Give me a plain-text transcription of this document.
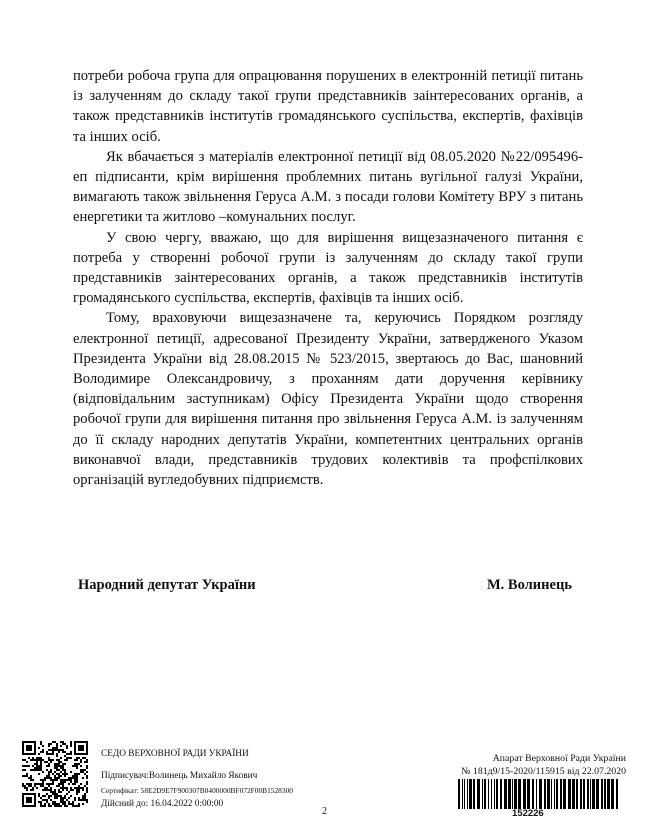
потреби робоча група для опрацювання порушених в електронній петиції питань із залученням до складу такої групи представників заінтересованих органів, а також представників інститутів громадянського суспільства, експертів, фахівців та інших осіб.

Як вбачається з матеріалів електронної петиції від 08.05.2020 №22/095496-еп підписанти, крім вирішення проблемних питань вугільної галузі України, вимагають також звільнення Геруса А.М. з посади голови Комітету ВРУ з питань енергетики та житлово –комунальних послуг.

У свою чергу, вважаю, що для вирішення вищезазначеного питання є потреба у створенні робочої групи із залученням до складу такої групи представників заінтересованих органів, а також представників інститутів громадянського суспільства, експертів, фахівців та інших осіб.

Тому, враховуючи вищезазначене та, керуючись Порядком розгляду електронної петиції, адресованої Президенту України, затвердженого Указом Президента України від 28.08.2015 № 523/2015, звертаюсь до Вас, шановний Володимире Олександровичу, з проханням дати доручення керівнику (відповідальним заступникам) Офісу Президента України щодо створення робочої групи для вирішення питання про звільнення Геруса А.М. із залученням до її складу народних депутатів України, компетентних центральних органів виконавчої влади, представників трудових колективів та профспілкових організацій вугледобувних підприємств.

Народний депутат України	М. Волинець
СЕДО ВЕРХОВНОЇ РАДИ УКРАЇНИ
Підписувач:Волинець Михайло Якович
Сертифікат: 58E2D9E7F900307B0400000BF072F00B1528300
Дійсний до: 16.04.2022 0:00:00
2
Апарат Верховної Ради України
№ 181д9/15-2020/115915 від 22.07.2020
152226
